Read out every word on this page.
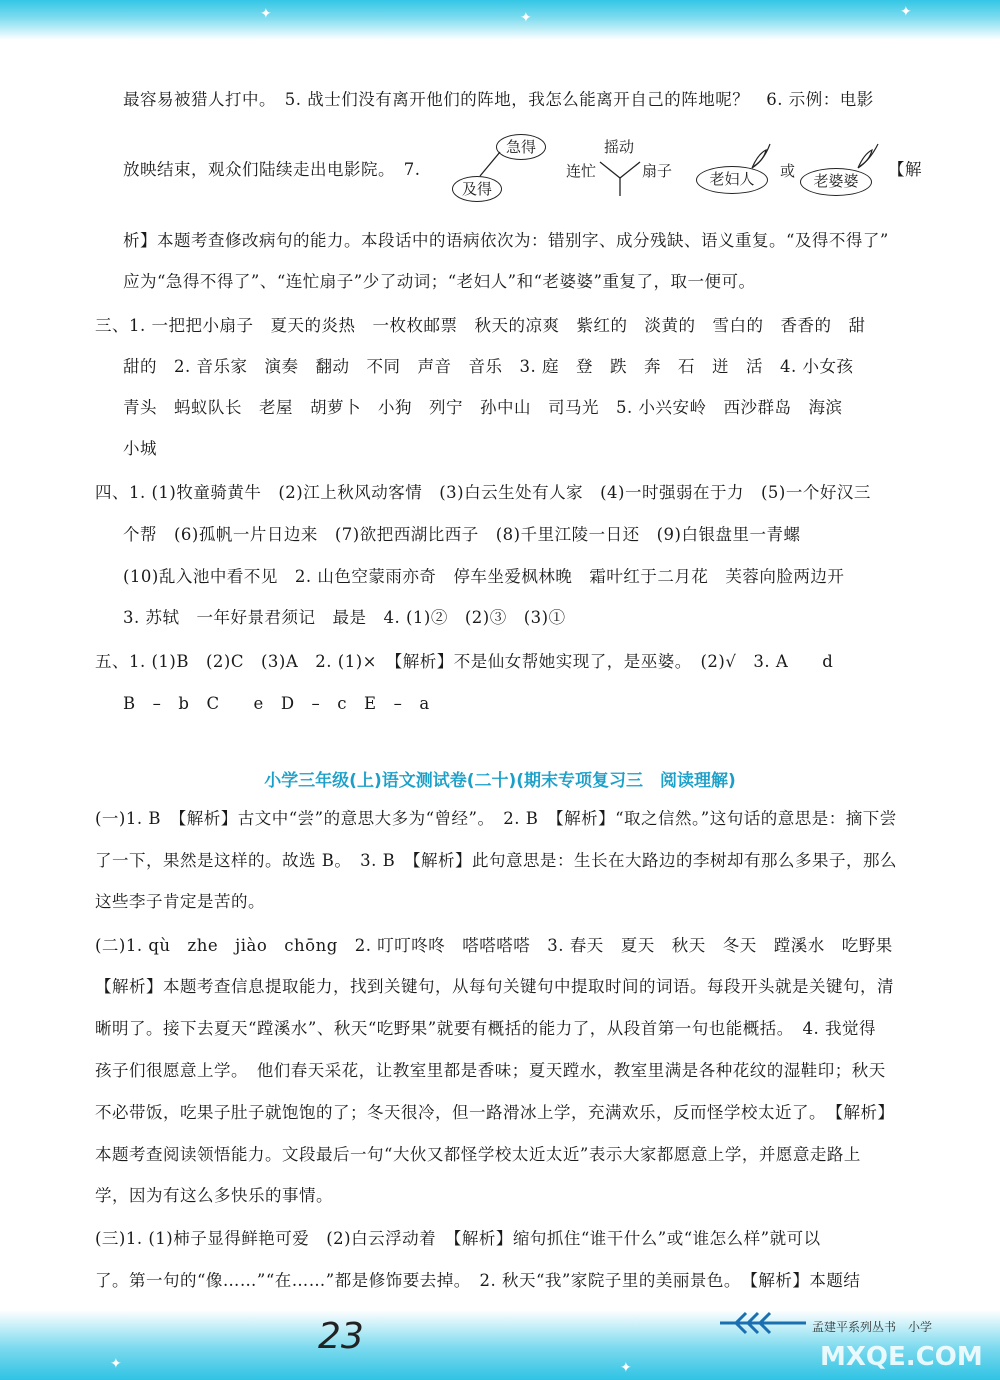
✦	✦	✦
最容易被猎人打中。　5. 战士们没有离开他们的阵地，我怎么能离开自己的阵地呢？　6. 示例：电影
放映结束，观众们陆续走出电影院。　7.
急得
及得
摇动
连忙	扇子	老妇人	或
老婆婆
【解
析】本题考查修改病句的能力。本段话中的语病依次为：错别字、成分残缺、语义重复。“及得不得了”
应为“急得不得了”、“连忙扇子”少了动词；“老妇人”和“老婆婆”重复了，取一便可。
三、1. 一把把小扇子　夏天的炎热　一枚枚邮票　秋天的凉爽　紫红的　淡黄的　雪白的　香香的　甜
甜的　2. 音乐家　演奏　翻动　不同　声音　音乐　3. 庭　登　跌　奔　石　迸　活　4. 小女孩
青头　蚂蚁队长　老屋　胡萝卜　小狗　列宁　孙中山　司马光　5. 小兴安岭　西沙群岛　海滨
小城
四、1. (1)牧童骑黄牛　(2)江上秋风动客情　(3)白云生处有人家　(4)一时强弱在于力　(5)一个好汉三
个帮　(6)孤帆一片日边来　(7)欲把西湖比西子　(8)千里江陵一日还　(9)白银盘里一青螺
(10)乱入池中看不见　2. 山色空蒙雨亦奇　停车坐爱枫林晚　霜叶红于二月花　芙蓉向脸两边开
3. 苏轼　一年好景君须记　最是　4. (1)②　(2)③　(3)①
五、1. (1)B　(2)C　(3)A　2. (1)×　【解析】不是仙女帮她实现了，是巫婆。　(2)√　3. A　　d
B　–　b　C　　e　D　–　c　E　–　a
小学三年级(上)语文测试卷(二十)(期末专项复习三　阅读理解)
(一)1. B　【解析】古文中“尝”的意思大多为“曾经”。　2. B　【解析】“取之信然。”这句话的意思是：摘下尝
了一下，果然是这样的。故选 B。　3. B　【解析】此句意思是：生长在大路边的李树却有那么多果子，那么
这些李子肯定是苦的。
(二)1. qù　zhe　jiào　chōng　2. 叮叮咚咚　嗒嗒嗒嗒　3. 春天　夏天　秋天　冬天　蹚溪水　吃野果
【解析】本题考查信息提取能力，找到关键句，从每句关键句中提取时间的词语。每段开头就是关键句，清
晰明了。接下去夏天“蹚溪水”、秋天“吃野果”就要有概括的能力了，从段首第一句也能概括。　4. 我觉得
孩子们很愿意上学。　他们春天采花，让教室里都是香味；夏天蹚水，教室里满是各种花纹的湿鞋印；秋天
不必带饭，吃果子肚子就饱饱的了；冬天很冷，但一路滑冰上学，充满欢乐，反而怪学校太近了。　【解析】
本题考查阅读领悟能力。文段最后一句“大伙又都怪学校太近太近”表示大家都愿意上学，并愿意走路上
学，因为有这么多快乐的事情。
(三)1. (1)柿子显得鲜艳可爱　(2)白云浮动着　【解析】缩句抓住“谁干什么”或“谁怎么样”就可以
了。第一句的“像……”“在……”都是修饰要去掉。　2. 秋天“我”家院子里的美丽景色。　【解析】本题结
✦	✦
孟建平系列丛书　小学
23	MXQE.COM
